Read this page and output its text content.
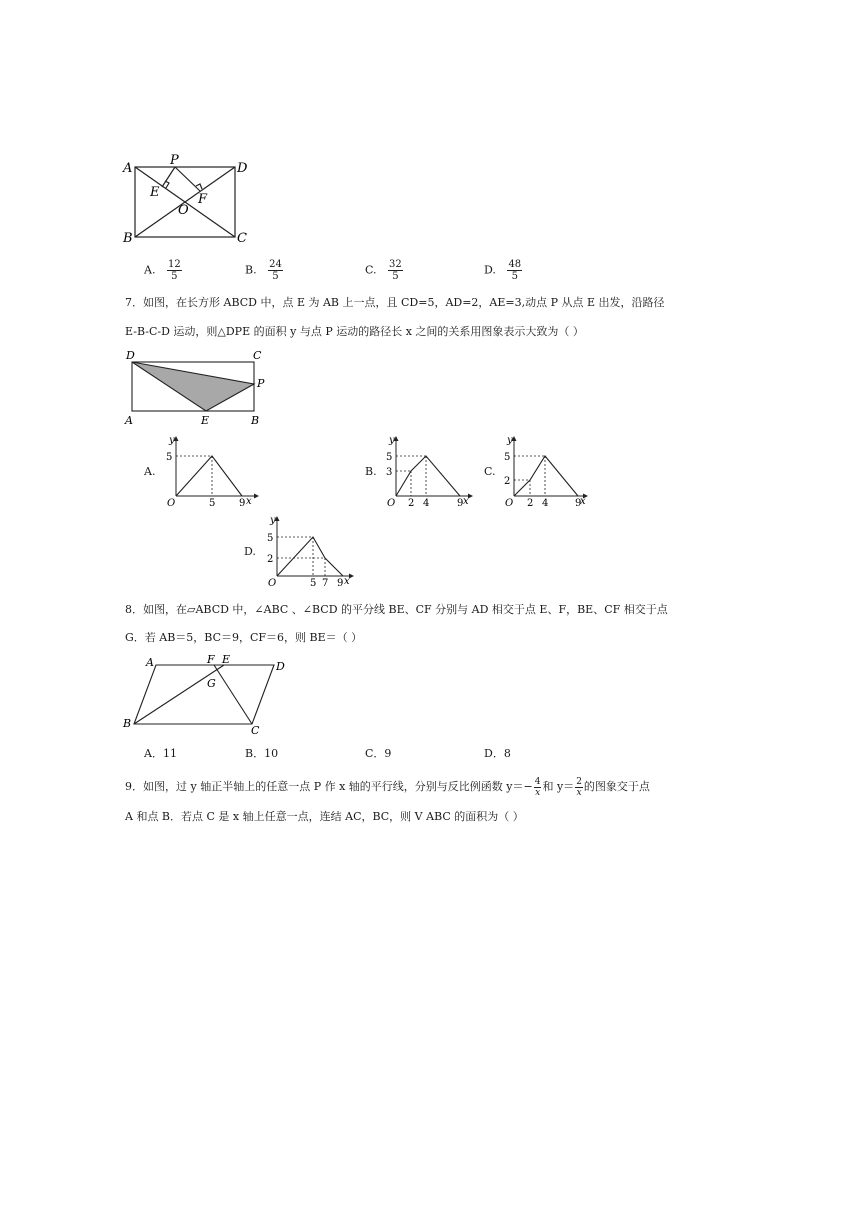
A
P
D
E	F
O
B	C
A. $\frac{12}{5}$	B. $\frac{24}{5}$	C. $\frac{32}{5}$	D. $\frac{48}{5}$
7．如图，在长方形 ABCD 中，点 E 为 AB 上一点，且 CD=5，AD=2，AE=3,动点 P 从点 E 出发，沿路径
E-B-C-D 运动，则△DPE 的面积 y 与点 P 运动的路径长 x 之间的关系用图象表示大致为（ ）
D	C
P
A	E	B
A.
y
5
O	5 9 x
B.
y
5
3
O 2 4	9 x
C.
y
5
2
O 2 4	9
x
D.
y
5
2
O	5 7 9 x
8．如图，在▱ABCD 中，∠ABC 、∠BCD 的平分线 BE、CF 分别与 AD 相交于点 E、F，BE、CF 相交于点
G．若 AB＝5，BC＝9，CF＝6，则 BE＝（ ）
A	F E
D
G
B
C
A．11	B．10	C．9	D．8
9．如图，过 y 轴正半轴上的任意一点 P 作 x 轴的平行线，分别与反比例函数 $y=- \frac{4}{x}$ 和 $y= \frac{2}{x}$ 的图象交于点
A 和点 B．若点 C 是 x 轴上任意一点，连结 AC，BC，则 V ABC 的面积为（ ）
